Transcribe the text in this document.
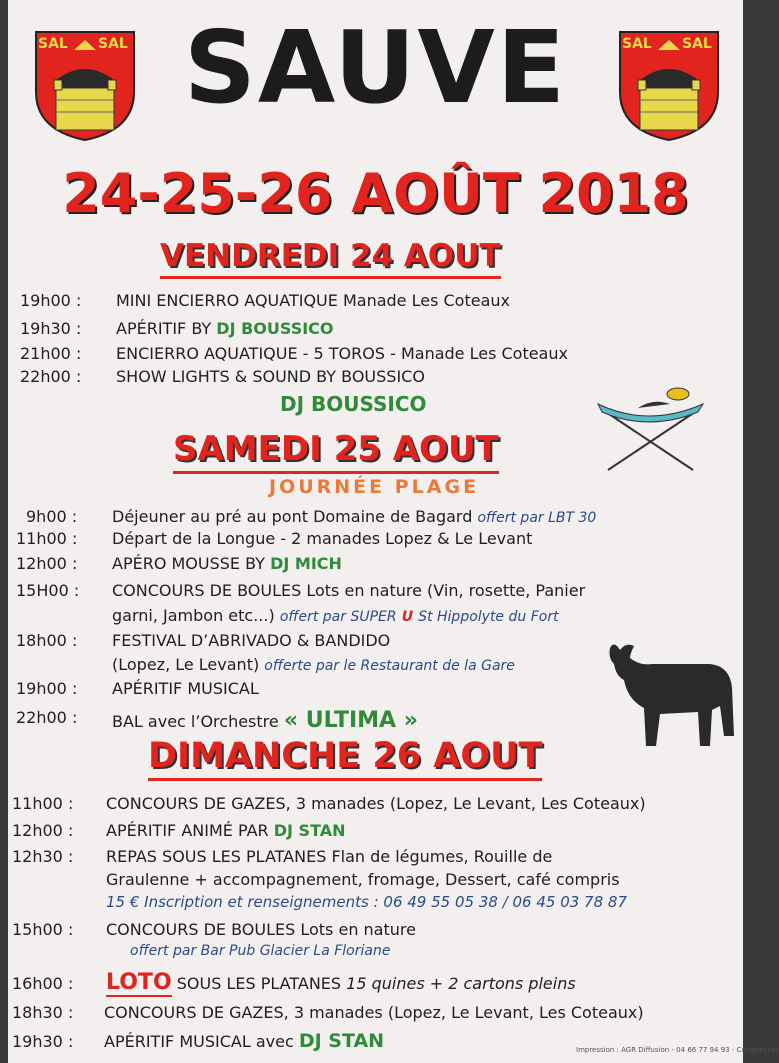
SAL SAL	SAL SAL
SAUVE
24-25-26 AOÛT 2018
VENDREDI 24 AOUT
19h00 : MINI ENCIERRO AQUATIQUE Manade Les Coteaux
19h30 : APÉRITIF BY DJ BOUSSICO
21h00 : ENCIERRO AQUATIQUE - 5 TOROS - Manade Les Coteaux
22h00 : SHOW LIGHTS & SOUND BY BOUSSICO
DJ BOUSSICO
SAMEDI 25 AOUT
JOURNÉE PLAGE
9h00 : Déjeuner au pré au pont Domaine de Bagard offert par LBT 30
11h00 : Départ de la Longue - 2 manades Lopez & Le Levant
12h00 : APÉRO MOUSSE BY DJ MICH
15H00 : CONCOURS DE BOULES Lots en nature (Vin, rosette, Panier
garni, Jambon etc...) offert par SUPER U St Hippolyte du Fort
18h00 : FESTIVAL D’ABRIVADO & BANDIDO
(Lopez, Le Levant) offerte par le Restaurant de la Gare
19h00 : APÉRITIF MUSICAL
22h00 : BAL avec l’Orchestre « ULTIMA »
DIMANCHE 26 AOUT
11h00 : CONCOURS DE GAZES, 3 manades (Lopez, Le Levant, Les Coteaux)
12h00 : APÉRITIF ANIMÉ PAR DJ STAN
12h30 : REPAS SOUS LES PLATANES Flan de légumes, Rouille de
Graulenne + accompagnement, fromage, Dessert, café compris
15 € Inscription et renseignements : 06 49 55 05 38 / 06 45 03 78 87
15h00 : CONCOURS DE BOULES Lots en nature
offert par Bar Pub Glacier La Floriane
16h00 : LOTO SOUS LES PLATANES 15 quines + 2 cartons pleins
18h30 : CONCOURS DE GAZES, 3 manades (Lopez, Le Levant, Les Coteaux)
19h30 : APÉRITIF MUSICAL avec DJ STAN	Impression : AGR Diffusion - 04 66 77 94 93 - Congueyrac
